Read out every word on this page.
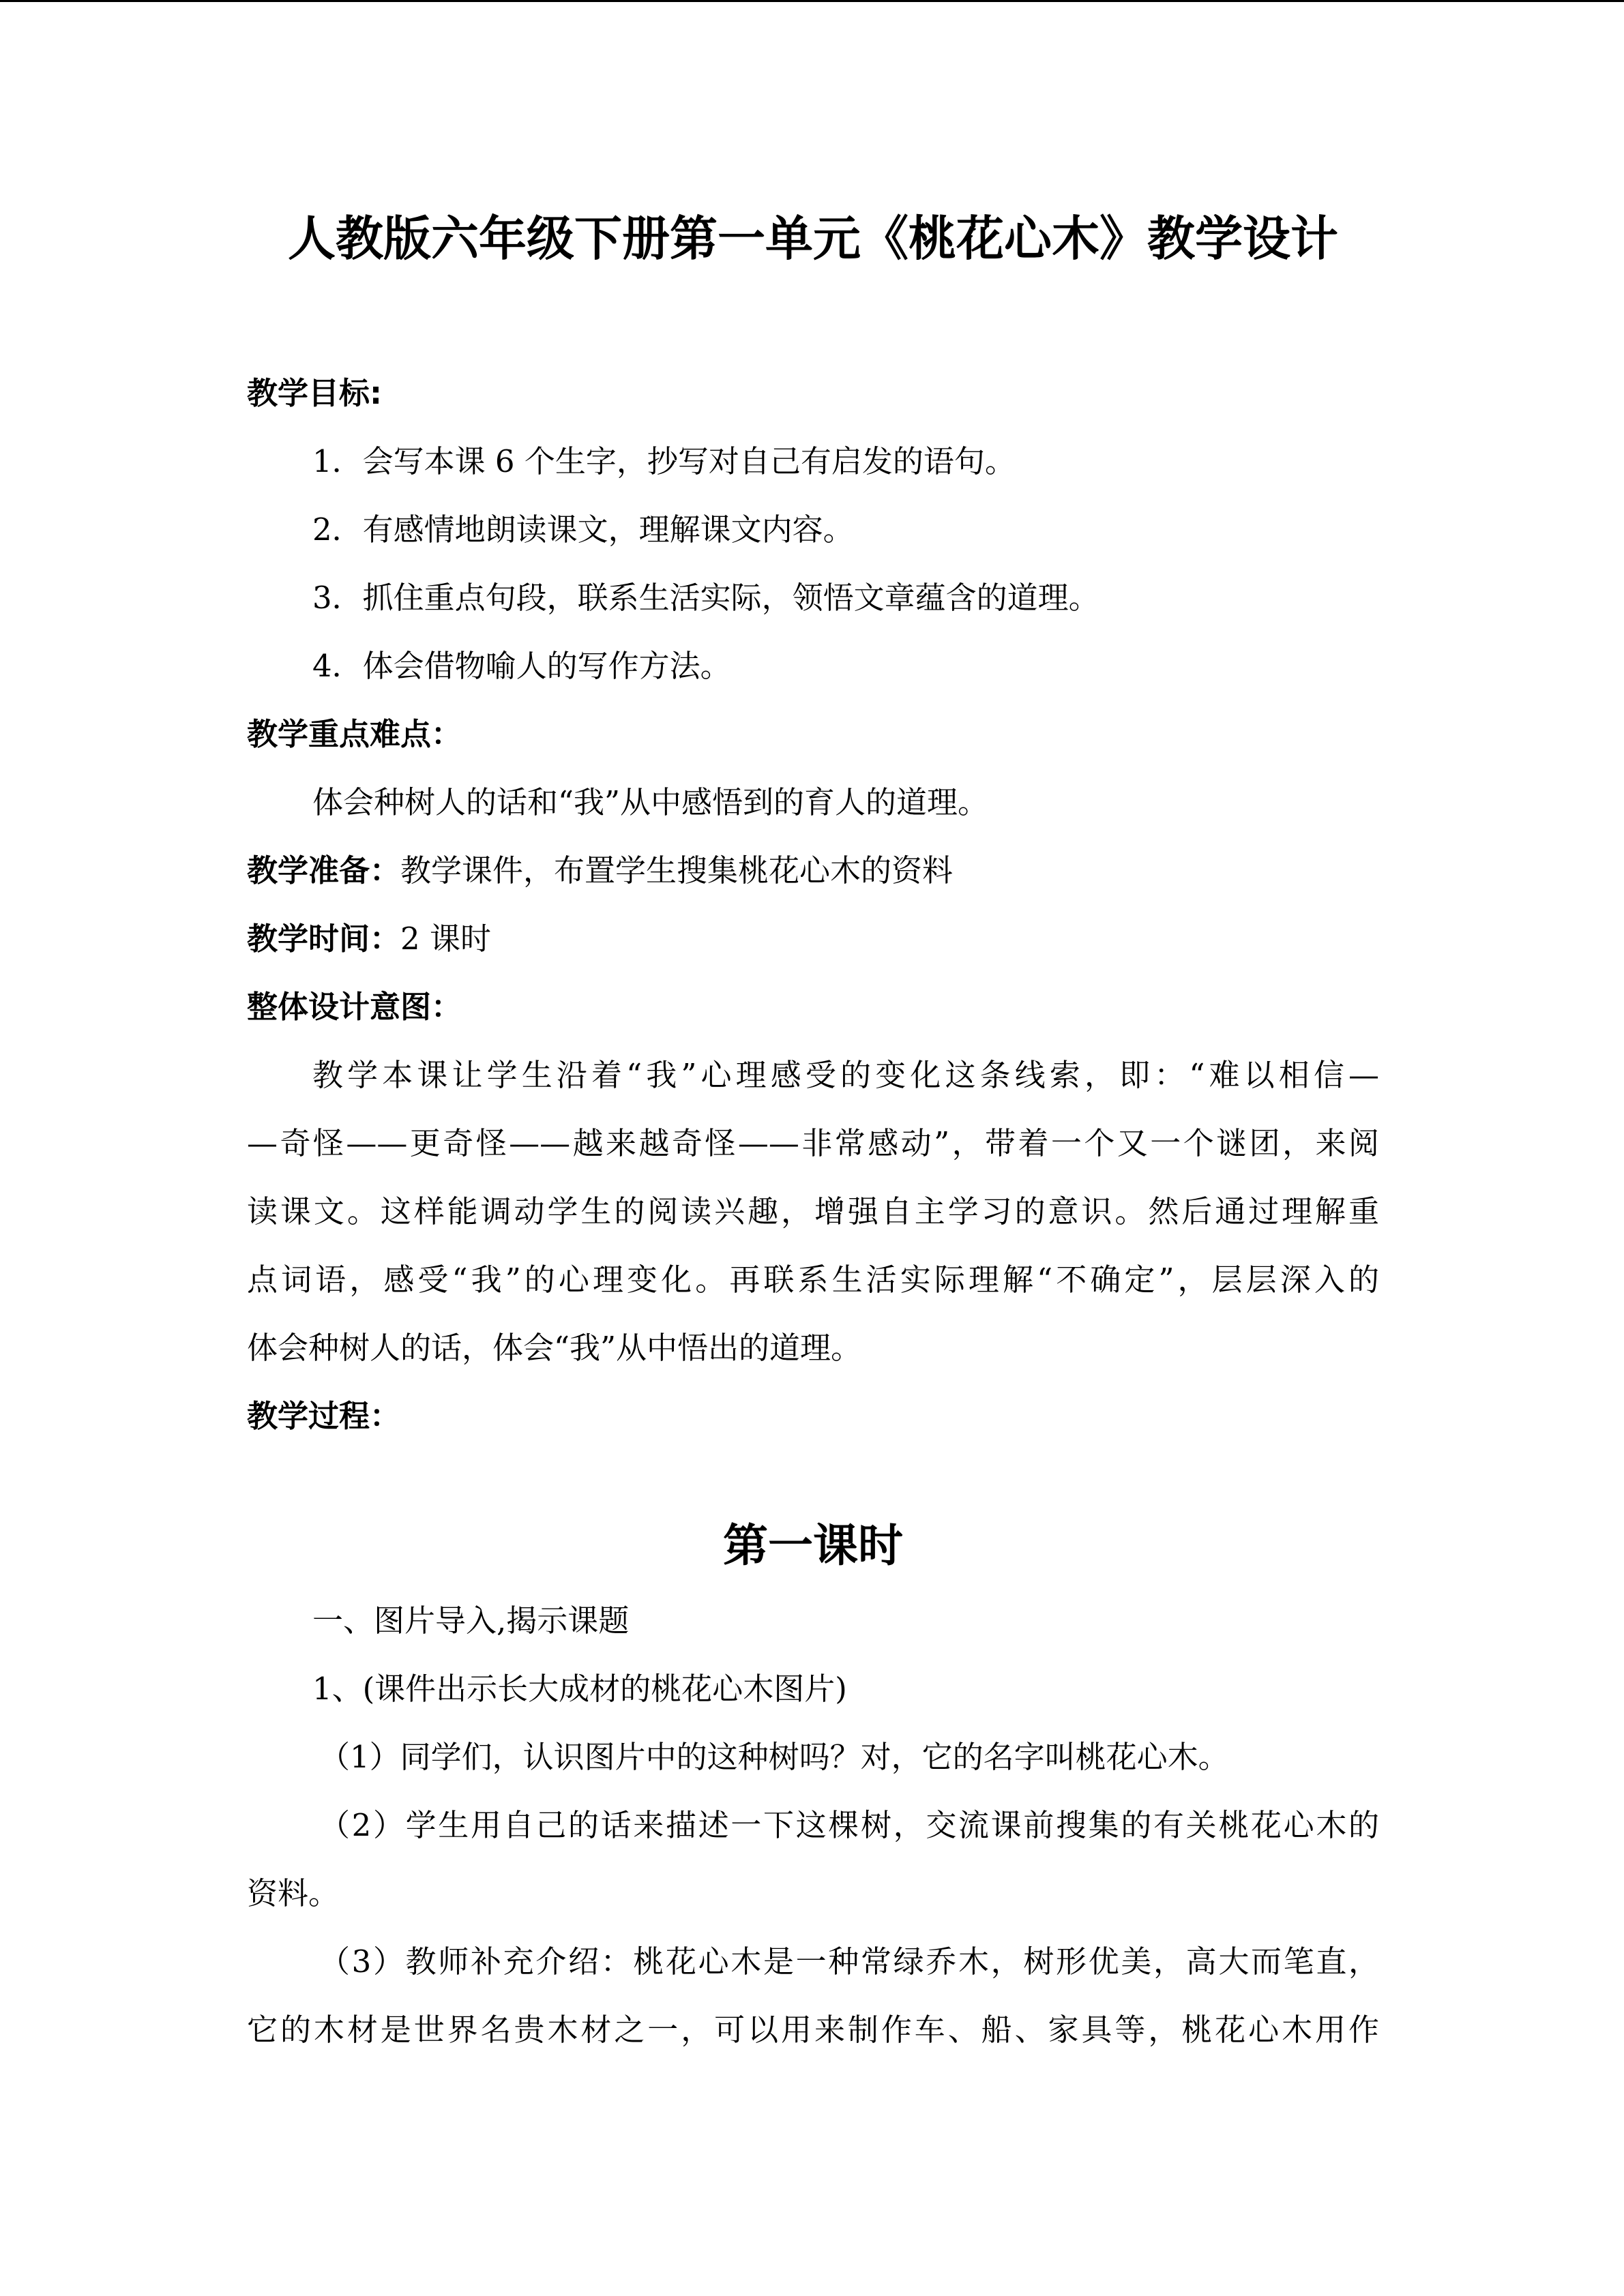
人教版六年级下册第一单元《桃花心木》教学设计
教学目标:
1．会写本课 6 个生字，抄写对自己有启发的语句。
2．有感情地朗读课文，理解课文内容。
3．抓住重点句段，联系生活实际，领悟文章蕴含的道理。
4．体会借物喻人的写作方法。
教学重点难点：
体会种树人的话和“我”从中感悟到的育人的道理。
教学准备：教学课件，布置学生搜集桃花心木的资料
教学时间：2 课时
整体设计意图：
教学本课让学生沿着“我”心理感受的变化这条线索，即：“难以相信—
—奇怪——更奇怪——越来越奇怪——非常感动”，带着一个又一个谜团，来阅
读课文。这样能调动学生的阅读兴趣，增强自主学习的意识。然后通过理解重
点词语，感受“我”的心理变化。再联系生活实际理解“不确定”，层层深入的
体会种树人的话，体会“我”从中悟出的道理。
教学过程：
第一课时
一、图片导入,揭示课题
1、(课件出示长大成材的桃花心木图片)
（1）同学们，认识图片中的这种树吗？对，它的名字叫桃花心木。
（2）学生用自己的话来描述一下这棵树，交流课前搜集的有关桃花心木的
资料。
（3）教师补充介绍：桃花心木是一种常绿乔木，树形优美，高大而笔直，
它的木材是世界名贵木材之一，可以用来制作车、船、家具等，桃花心木用作
